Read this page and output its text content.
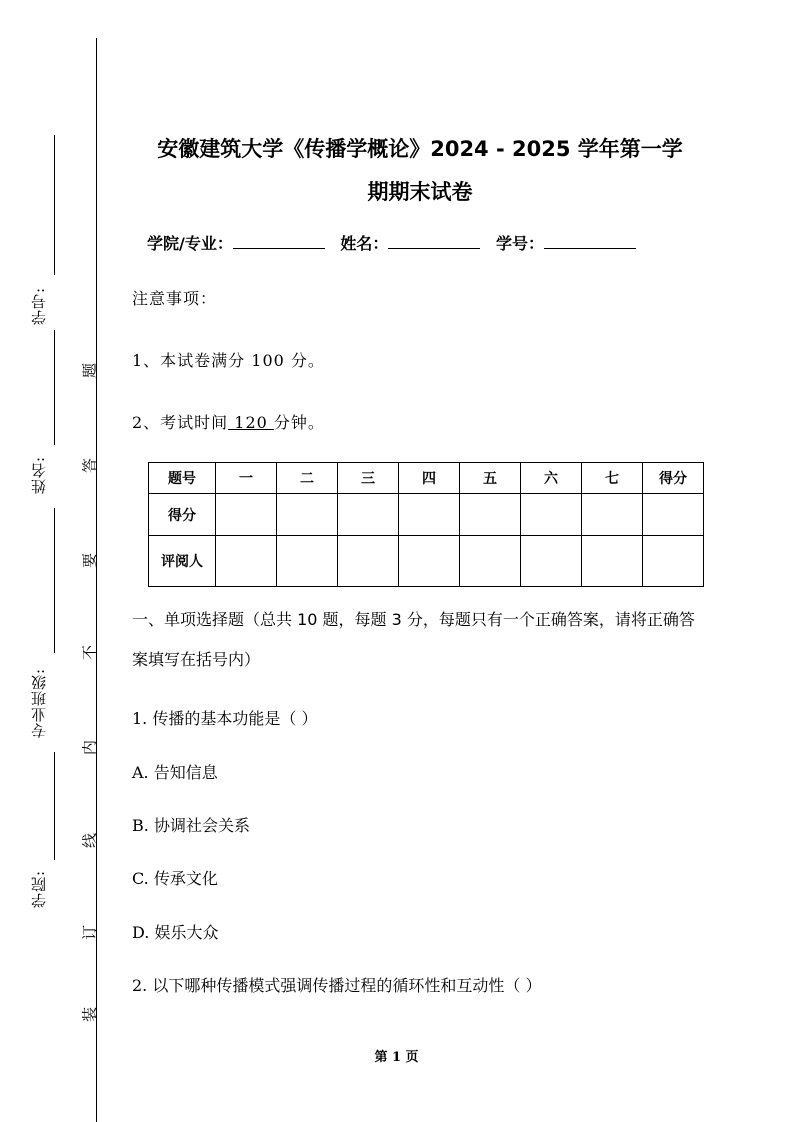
学号:
姓名:
专业班级:
学院:
题
答
要
不
内
线
订
装
安徽建筑大学《传播学概论》2024 - 2025 学年第一学
期期末试卷
学院/专业：	姓名：	学号：
注意事项：
1、本试卷满分 100 分。
2、考试时间 120 分钟。
题号	一	二	三	四	五	六	七	得分
得分								
评阅人								
一、单项选择题（总共 10 题，每题 3 分，每题只有一个正确答案，请将正确答案填写在括号内）
1. 传播的基本功能是（ ）
A. 告知信息
B. 协调社会关系
C. 传承文化
D. 娱乐大众
2. 以下哪种传播模式强调传播过程的循环性和互动性（ ）
第 1 页
